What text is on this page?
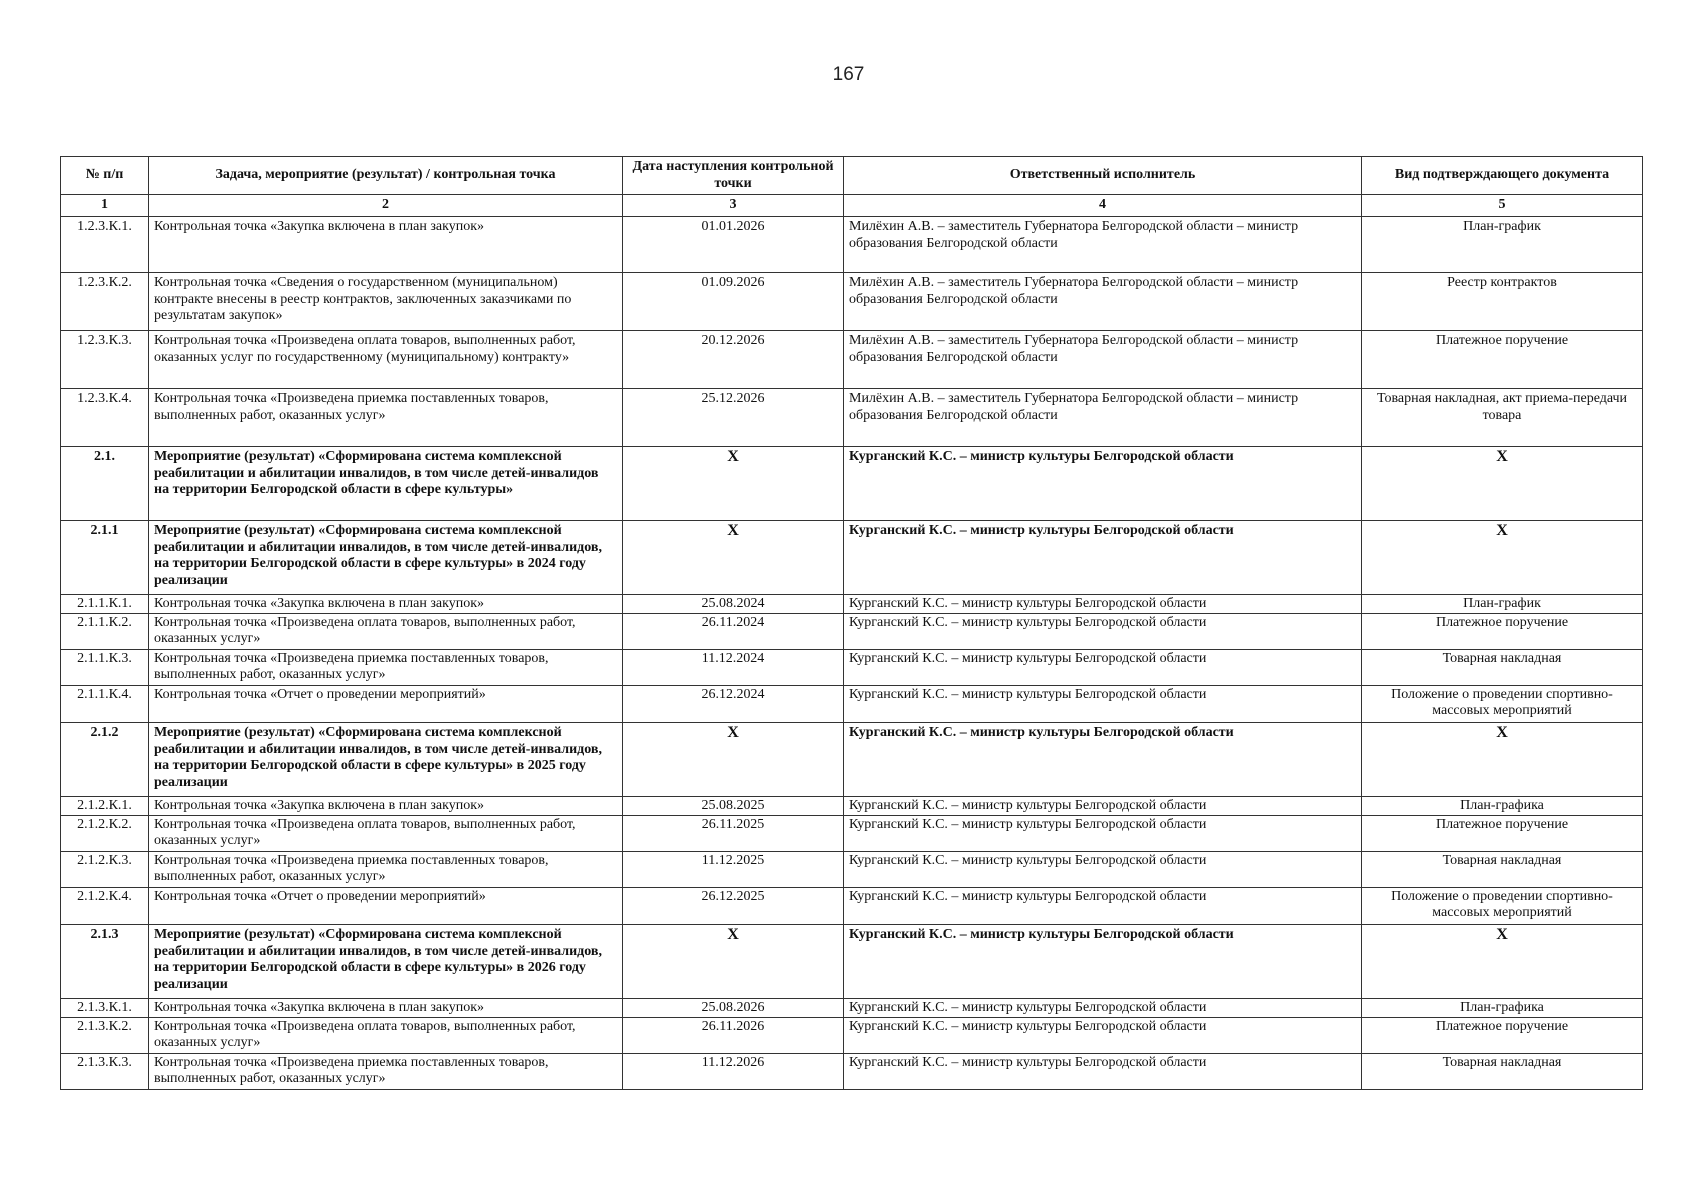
167
№ п/п	Задача, мероприятие (результат) / контрольная точка	Дата наступления контрольной точки	Ответственный исполнитель	Вид подтверждающего документа
1	2	3	4	5
1.2.3.К.1.	Контрольная точка «Закупка включена в план закупок»	01.01.2026	Милёхин А.В. – заместитель Губернатора Белгородской области – министр образования Белгородской области	План-график
1.2.3.К.2.	Контрольная точка «Сведения о государственном (муниципальном) контракте внесены в реестр контрактов, заключенных заказчиками по результатам закупок»	01.09.2026	Милёхин А.В. – заместитель Губернатора Белгородской области – министр образования Белгородской области	Реестр контрактов
1.2.3.К.3.	Контрольная точка «Произведена оплата товаров, выполненных работ, оказанных услуг по государственному (муниципальному) контракту»	20.12.2026	Милёхин А.В. – заместитель Губернатора Белгородской области – министр образования Белгородской области	Платежное поручение
1.2.3.К.4.	Контрольная точка «Произведена приемка поставленных товаров, выполненных работ, оказанных услуг»	25.12.2026	Милёхин А.В. – заместитель Губернатора Белгородской области – министр образования Белгородской области	Товарная накладная, акт приема-передачи товара
2.1.	Мероприятие (результат) «Сформирована система комплексной реабилитации и абилитации инвалидов, в том числе детей-инвалидов на территории Белгородской области в сфере культуры»	Х	Курганский К.С. – министр культуры Белгородской области	Х
2.1.1	Мероприятие (результат) «Сформирована система комплексной реабилитации и абилитации инвалидов, в том числе детей-инвалидов, на территории Белгородской области в сфере культуры» в 2024 году реализации	Х	Курганский К.С. – министр культуры Белгородской области	Х
2.1.1.К.1.	Контрольная точка «Закупка включена в план закупок»	25.08.2024	Курганский К.С. – министр культуры Белгородской области	План-график
2.1.1.К.2.	Контрольная точка «Произведена оплата товаров, выполненных работ, оказанных услуг»	26.11.2024	Курганский К.С. – министр культуры Белгородской области	Платежное поручение
2.1.1.К.3.	Контрольная точка «Произведена приемка поставленных товаров, выполненных работ, оказанных услуг»	11.12.2024	Курганский К.С. – министр культуры Белгородской области	Товарная накладная
2.1.1.К.4.	Контрольная точка «Отчет о проведении мероприятий»	26.12.2024	Курганский К.С. – министр культуры Белгородской области	Положение о проведении спортивно-массовых мероприятий
2.1.2	Мероприятие (результат) «Сформирована система комплексной реабилитации и абилитации инвалидов, в том числе детей-инвалидов, на территории Белгородской области в сфере культуры» в 2025 году реализации	Х	Курганский К.С. – министр культуры Белгородской области	Х
2.1.2.К.1.	Контрольная точка «Закупка включена в план закупок»	25.08.2025	Курганский К.С. – министр культуры Белгородской области	План-графика
2.1.2.К.2.	Контрольная точка «Произведена оплата товаров, выполненных работ, оказанных услуг»	26.11.2025	Курганский К.С. – министр культуры Белгородской области	Платежное поручение
2.1.2.К.3.	Контрольная точка «Произведена приемка поставленных товаров, выполненных работ, оказанных услуг»	11.12.2025	Курганский К.С. – министр культуры Белгородской области	Товарная накладная
2.1.2.К.4.	Контрольная точка «Отчет о проведении мероприятий»	26.12.2025	Курганский К.С. – министр культуры Белгородской области	Положение о проведении спортивно-массовых мероприятий
2.1.3	Мероприятие (результат) «Сформирована система комплексной реабилитации и абилитации инвалидов, в том числе детей-инвалидов, на территории Белгородской области в сфере культуры» в 2026 году реализации	Х	Курганский К.С. – министр культуры Белгородской области	Х
2.1.3.К.1.	Контрольная точка «Закупка включена в план закупок»	25.08.2026	Курганский К.С. – министр культуры Белгородской области	План-графика
2.1.3.К.2.	Контрольная точка «Произведена оплата товаров, выполненных работ, оказанных услуг»	26.11.2026	Курганский К.С. – министр культуры Белгородской области	Платежное поручение
2.1.3.К.3.	Контрольная точка «Произведена приемка поставленных товаров, выполненных работ, оказанных услуг»	11.12.2026	Курганский К.С. – министр культуры Белгородской области	Товарная накладная
